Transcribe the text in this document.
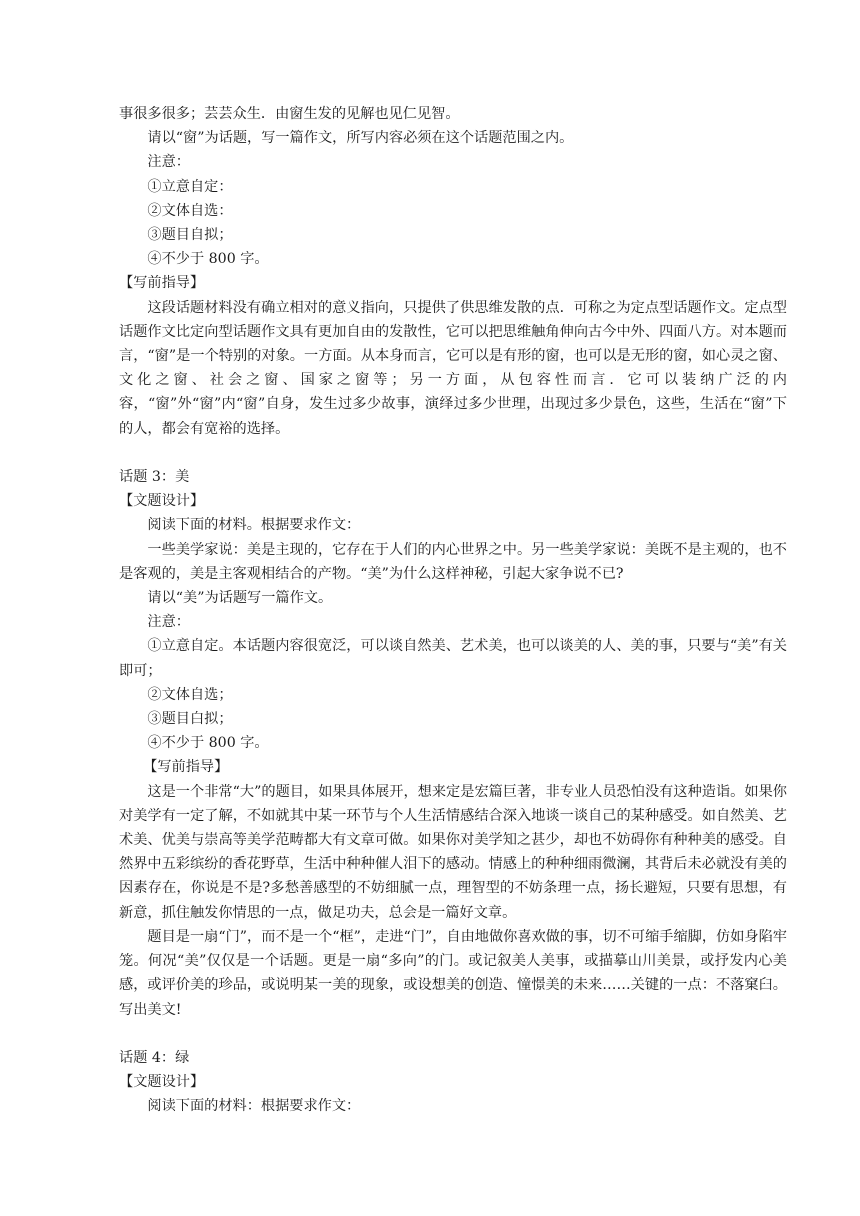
事很多很多；芸芸众生．由窗生发的见解也见仁见智。

请以“窗”为话题，写一篇作文，所写内容必须在这个话题范围之内。

注意：

①立意自定：

②文体自选：

③题目自拟；

④不少于 800 字。

【写前指导】

这段话题材料没有确立相对的意义指向，只提供了供思维发散的点．可称之为定点型话题作文。定点型话题作文比定向型话题作文具有更加自由的发散性，它可以把思维触角伸向古今中外、四面八方。对本题而言，“窗”是一个特别的对象。一方面。从本身而言，它可以是有形的窗，也可以是无形的窗，如心灵之窗、文化之窗、社会之窗、国家之窗等；另一方面，从包容性而言．它可以装纳广泛的内容，“窗”外“窗”内“窗”自身，发生过多少故事，演绎过多少世理，出现过多少景色，这些，生活在“窗”下的人，都会有宽裕的选择。

话题 3：美

【文题设计】

阅读下面的材料。根据要求作文：

一些美学家说：美是主现的，它存在于人们的内心世界之中。另一些美学家说：美既不是主观的，也不是客观的，美是主客观相结合的产物。“美”为什么这样神秘，引起大家争说不已?

请以“美”为话题写一篇作文。

注意：

①立意自定。本话题内容很宽泛，可以谈自然美、艺术美，也可以谈美的人、美的事，只要与“美”有关即可；

②文体自选；

③题目白拟；

④不少于 800 字。

【写前指导】

这是一个非常“大”的题目，如果具体展开，想来定是宏篇巨著，非专业人员恐怕没有这种造诣。如果你对美学有一定了解，不如就其中某一环节与个人生活情感结合深入地谈一谈自己的某种感受。如自然美、艺术美、优美与崇高等美学范畴都大有文章可做。如果你对美学知之甚少，却也不妨碍你有种种美的感受。自然界中五彩缤纷的香花野草，生活中种种催人泪下的感动。情感上的种种细雨微澜，其背后未必就没有美的因素存在，你说是不是?多愁善感型的不妨细腻一点，理智型的不妨条理一点，扬长避短，只要有思想，有新意，抓住触发你情思的一点，做足功夫，总会是一篇好文章。

题目是一扇“门”，而不是一个“框”，走进“门”，自由地做你喜欢做的事，切不可缩手缩脚，仿如身陷牢笼。何况“美”仅仅是一个话题。更是一扇“多向”的门。或记叙美人美事，或描摹山川美景，或抒发内心美感，或评价美的珍品，或说明某一美的现象，或设想美的创造、憧憬美的未来……关键的一点：不落窠臼。写出美文!

话题 4：绿

【文题设计】

阅读下面的材料：根据要求作文：
